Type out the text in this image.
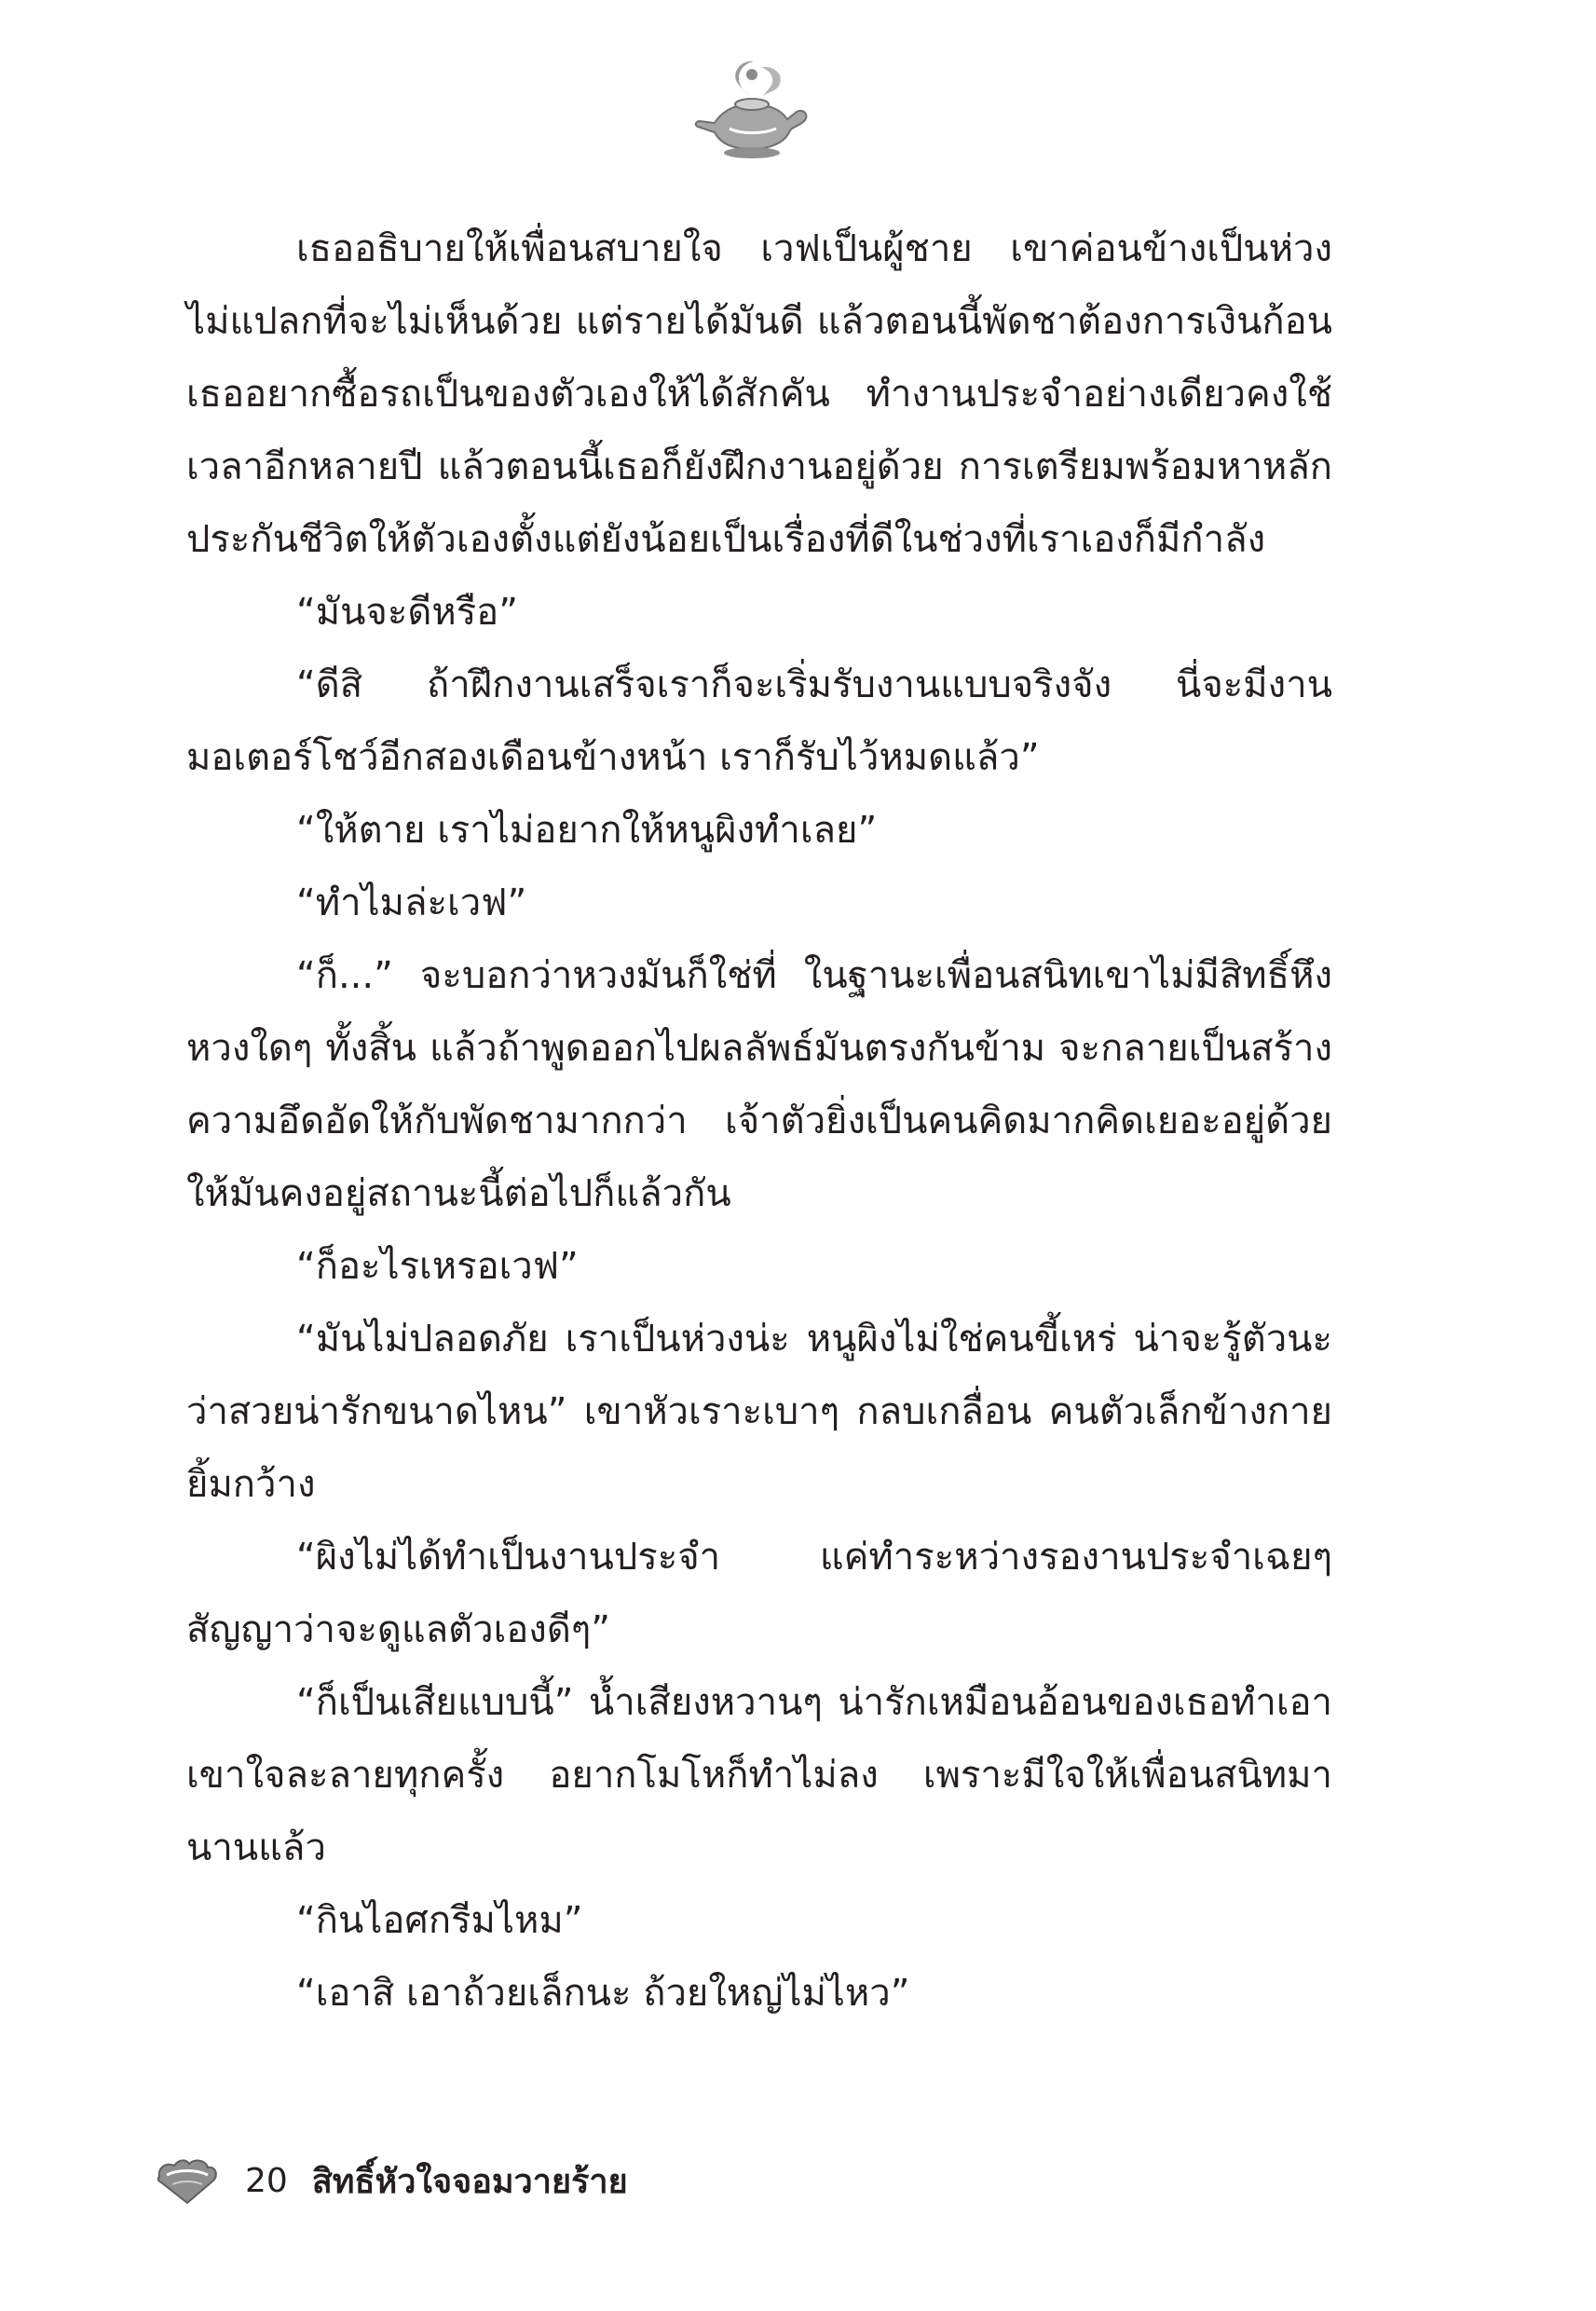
เธออธิบายให้เพื่อนสบายใจ เวฟเป็นผู้ชาย เขาค่อนข้างเป็นห่วง ไม่แปลกที่จะไม่เห็นด้วย แต่รายได้มันดี แล้วตอนนี้พัดชาต้องการเงินก้อน เธออยากซื้อรถเป็นของตัวเองให้ได้สักคัน ทำงานประจำอย่างเดียวคงใช้เวลาอีกหลายปี แล้วตอนนี้เธอก็ยังฝึกงานอยู่ด้วย การเตรียมพร้อมหาหลักประกันชีวิตให้ตัวเองตั้งแต่ยังน้อยเป็นเรื่องที่ดีในช่วงที่เราเองก็มีกำลัง

“มันจะดีหรือ”

“ดีสิ ถ้าฝึกงานเสร็จเราก็จะเริ่มรับงานแบบจริงจัง นี่จะมีงานมอเตอร์โชว์อีกสองเดือนข้างหน้า เราก็รับไว้หมดแล้ว”

“ให้ตาย เราไม่อยากให้หนูผิงทำเลย”

“ทำไมล่ะเวฟ”

“ก็...” จะบอกว่าหวงมันก็ใช่ที่ ในฐานะเพื่อนสนิทเขาไม่มีสิทธิ์หึงหวงใดๆ ทั้งสิ้น แล้วถ้าพูดออกไปผลลัพธ์มันตรงกันข้าม จะกลายเป็นสร้างความอึดอัดให้กับพัดชามากกว่า เจ้าตัวยิ่งเป็นคนคิดมากคิดเยอะอยู่ด้วย ให้มันคงอยู่สถานะนี้ต่อไปก็แล้วกัน

“ก็อะไรเหรอเวฟ”

“มันไม่ปลอดภัย เราเป็นห่วงน่ะ หนูผิงไม่ใช่คนขี้เหร่ น่าจะรู้ตัวนะว่าสวยน่ารักขนาดไหน” เขาหัวเราะเบาๆ กลบเกลื่อน คนตัวเล็กข้างกายยิ้มกว้าง

“ผิงไม่ได้ทำเป็นงานประจำ แค่ทำระหว่างรองานประจำเฉยๆ สัญญาว่าจะดูแลตัวเองดีๆ”

“ก็เป็นเสียแบบนี้” น้ำเสียงหวานๆ น่ารักเหมือนอ้อนของเธอทำเอาเขาใจละลายทุกครั้ง อยากโมโหก็ทำไม่ลง เพราะมีใจให้เพื่อนสนิทมานานแล้ว

“กินไอศกรีมไหม”

“เอาสิ เอาถ้วยเล็กนะ ถ้วยใหญ่ไม่ไหว”

20 สิทธิ์หัวใจจอมวายร้าย
